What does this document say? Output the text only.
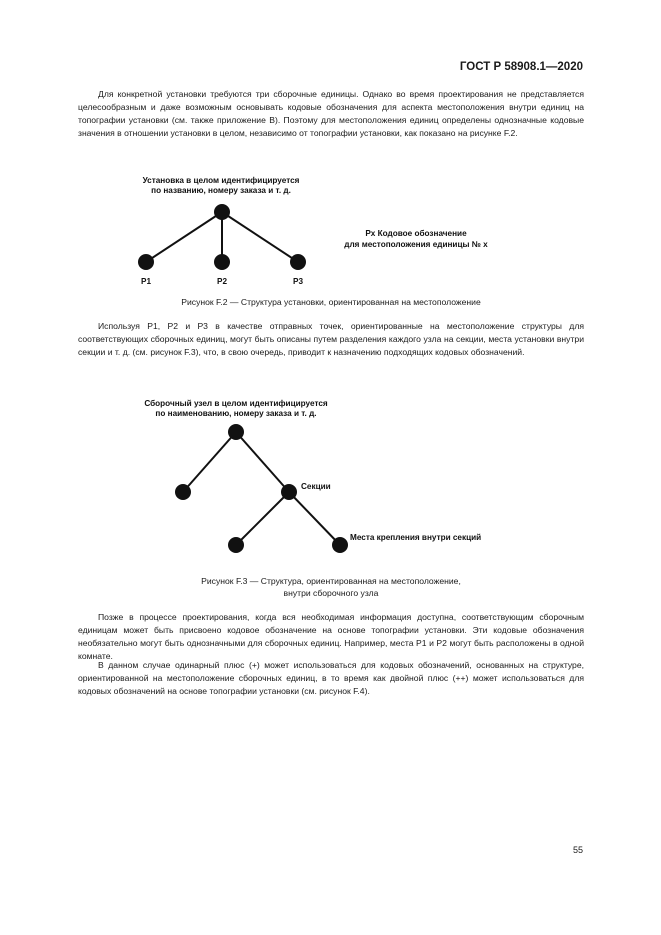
ГОСТ Р 58908.1—2020

Для конкретной установки требуются три сборочные единицы. Однако во время проектирования не представляется целесообразным и даже возможным основывать кодовые обозначения для аспекта местоположения внутри единиц на топографии установки (см. также приложение B). Поэтому для местоположения единиц определены однозначные кодовые значения в отношении установки в целом, независимо от топографии установки, как показано на рисунке F.2.

Установка в целом идентифицируется
по названию, номеру заказа и т. д.
Px Кодовое обозначение
для местоположения единицы № x
P1	P2	P3
Сборочный узел в целом идентифицируется
по наименованию, номеру заказа и т. д.
Секции
Места крепления внутри секций

Рисунок F.2 — Структура установки, ориентированная на местоположение

Используя P1, P2 и P3 в качестве отправных точек, ориентированные на местоположение структуры для соответствующих сборочных единиц, могут быть описаны путем разделения каждого узла на секции, места установки внутри секции и т. д. (см. рисунок F.3), что, в свою очередь, приводит к назначению подходящих кодовых обозначений.

Рисунок F.3 — Структура, ориентированная на местоположение,

внутри сборочного узла

Позже в процессе проектирования, когда вся необходимая информация доступна, соответствующим сборочным единицам может быть присвоено кодовое обозначение на основе топографии установки. Эти кодовые обозначения необязательно могут быть однозначными для сборочных единиц. Например, места P1 и P2 могут быть расположены в одной комнате.

В данном случае одинарный плюс (+) может использоваться для кодовых обозначений, основанных на структуре, ориентированной на местоположение сборочных единиц, в то время как двойной плюс (++) может использоваться для кодовых обозначений на основе топографии установки (см. рисунок F.4).

55
